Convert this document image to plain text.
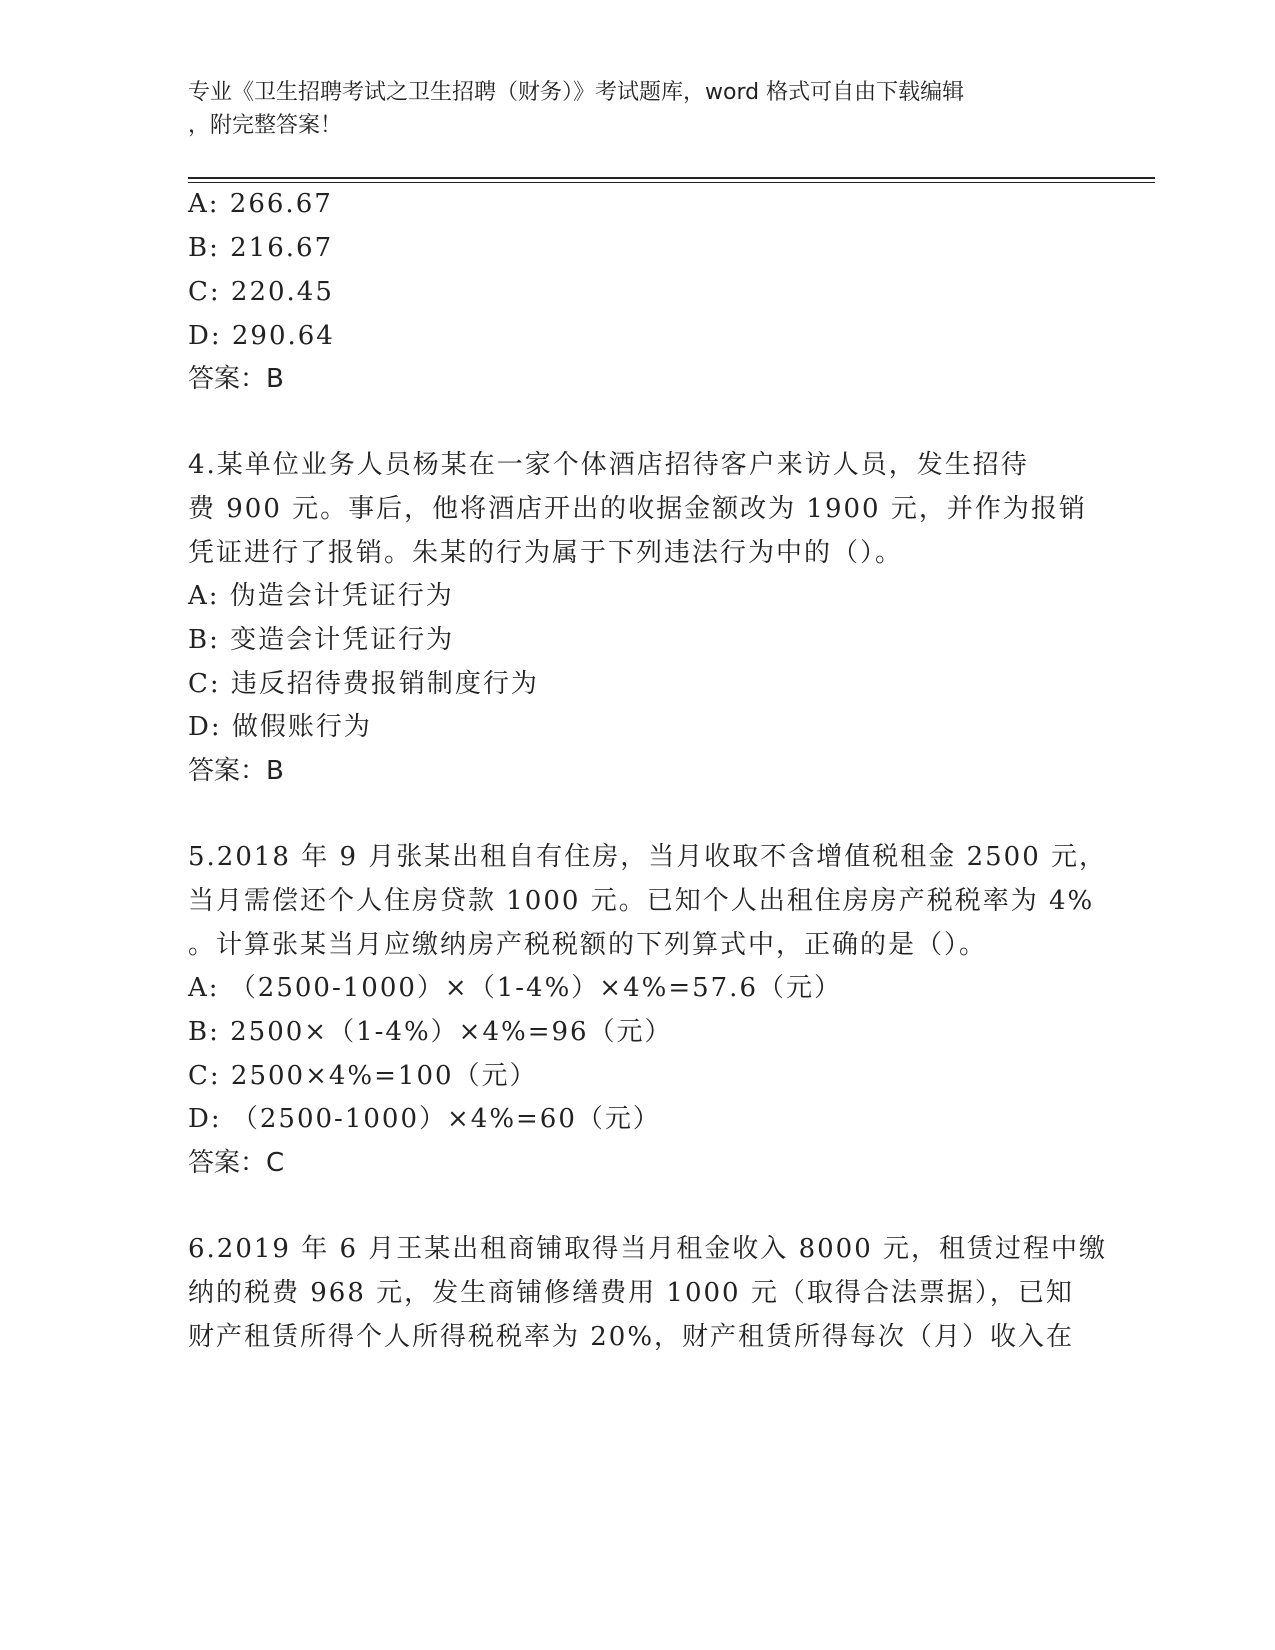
专业《卫生招聘考试之卫生招聘（财务）》考试题库，word 格式可自由下载编辑
，附完整答案！
A: 266.67
B: 216.67
C: 220.45
D: 290.64
答案：B
4.某单位业务人员杨某在一家个体酒店招待客户来访人员，发生招待
费 900 元。事后，他将酒店开出的收据金额改为 1900 元，并作为报销
凭证进行了报销。朱某的行为属于下列违法行为中的（）。
A: 伪造会计凭证行为
B: 变造会计凭证行为
C: 违反招待费报销制度行为
D: 做假账行为
答案：B
5.2018 年 9 月张某出租自有住房，当月收取不含增值税租金 2500 元，
当月需偿还个人住房贷款 1000 元。已知个人出租住房房产税税率为 4%
。计算张某当月应缴纳房产税税额的下列算式中，正确的是（）。
A: （2500-1000）×（1-4%）×4%=57.6（元）
B: 2500×（1-4%）×4%=96（元）
C: 2500×4%=100（元）
D: （2500-1000）×4%=60（元）
答案：C
6.2019 年 6 月王某出租商铺取得当月租金收入 8000 元，租赁过程中缴
纳的税费 968 元，发生商铺修缮费用 1000 元（取得合法票据），已知
财产租赁所得个人所得税税率为 20%，财产租赁所得每次（月）收入在
